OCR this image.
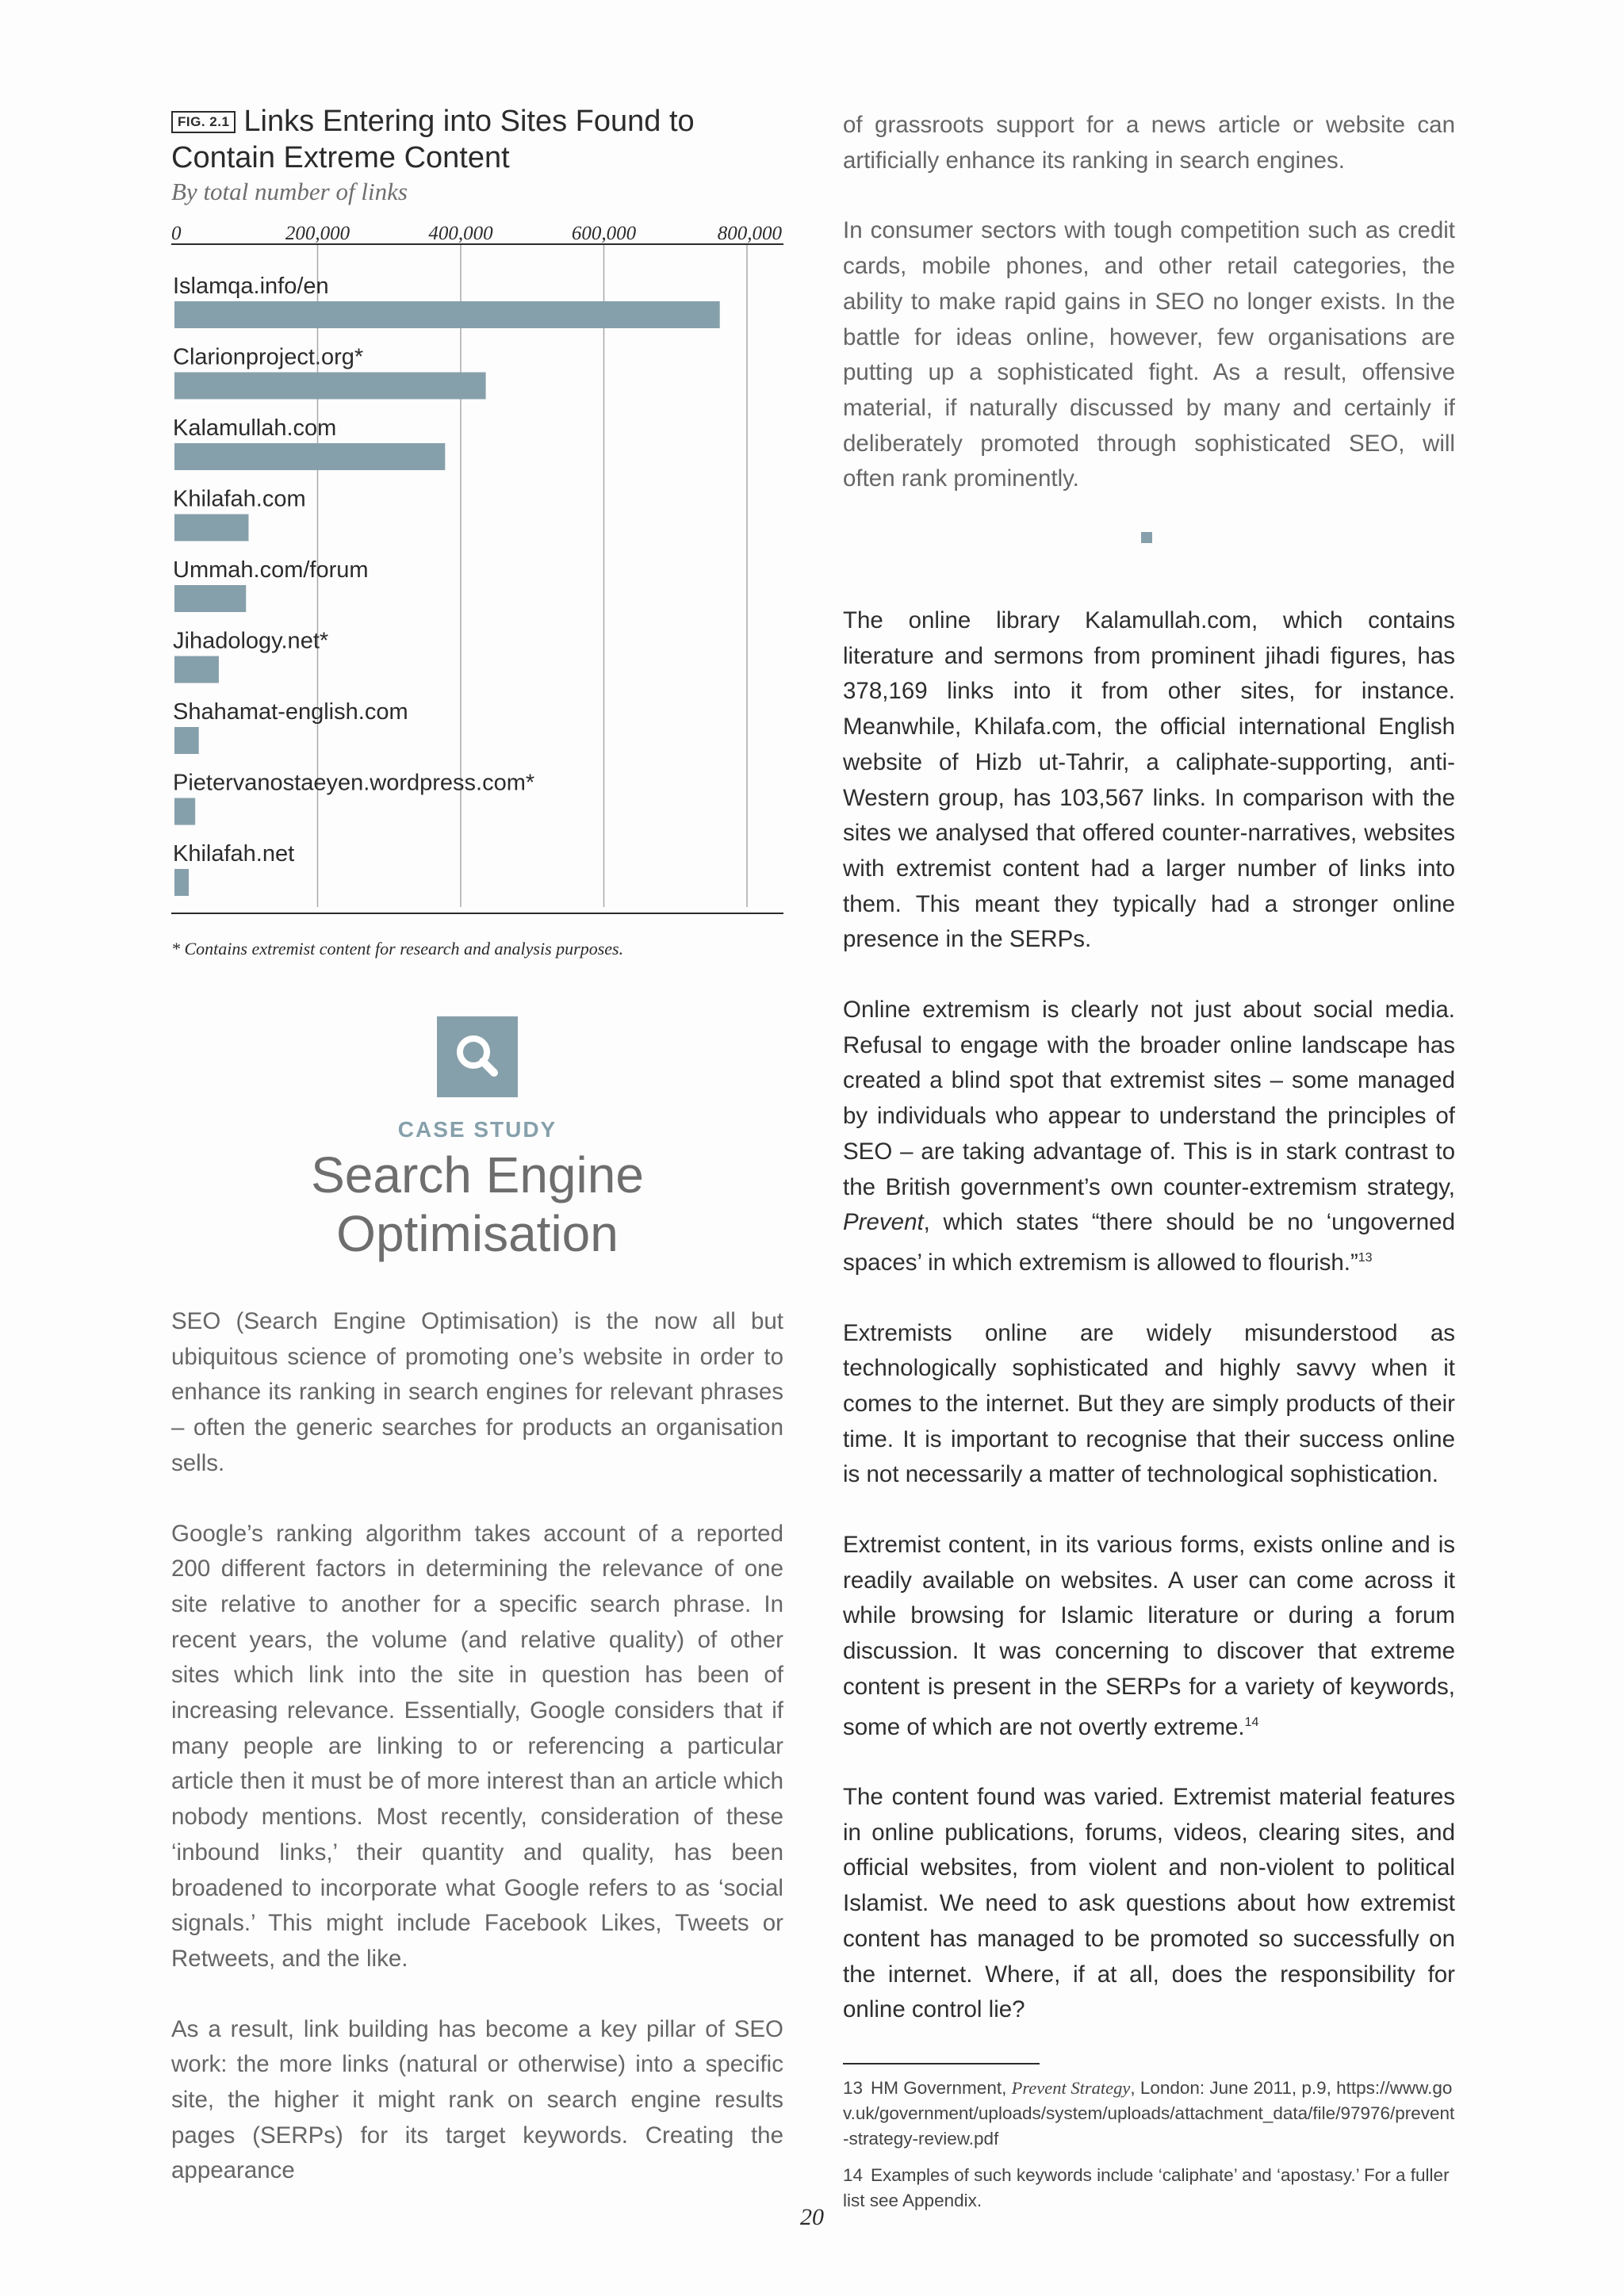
FIG. 2.1 Links Entering into Sites Found to Contain Extreme Content
By total number of links
0	200,000	400,000	600,000	800,000
Islamqa.info/en
Clarionproject.org*
Kalamullah.com
Khilafah.com
Ummah.com/forum
Jihadology.net*
Shahamat-english.com
Pietervanostaeyen.wordpress.com*
Khilafah.net
* Contains extremist content for research and analysis purposes.
CASE STUDY
Search Engine
Optimisation

SEO (Search Engine Optimisation) is the now all but ubiquitous science of promoting one’s website in order to enhance its ranking in search engines for relevant phrases – often the generic searches for products an organisation sells.

Google’s ranking algorithm takes account of a reported 200 different factors in determining the relevance of one site relative to another for a specific search phrase. In recent years, the volume (and relative quality) of other sites which link into the site in question has been of increasing relevance. Essentially, Google considers that if many people are linking to or referencing a particular article then it must be of more interest than an article which nobody mentions. Most recently, consideration of these ‘inbound links,’ their quantity and quality, has been broadened to incorporate what Google refers to as ‘social signals.’ This might include Facebook Likes, Tweets or Retweets, and the like.

As a result, link building has become a key pillar of SEO work: the more links (natural or otherwise) into a specific site, the higher it might rank on search engine results pages (SERPs) for its target keywords. Creating the appearance

of grassroots support for a news article or website can artificially enhance its ranking in search engines.

In consumer sectors with tough competition such as credit cards, mobile phones, and other retail categories, the ability to make rapid gains in SEO no longer exists. In the battle for ideas online, however, few organisations are putting up a sophisticated fight. As a result, offensive material, if naturally discussed by many and certainly if deliberately promoted through sophisticated SEO, will often rank prominently.

The online library Kalamullah.com, which contains literature and sermons from prominent jihadi figures, has 378,169 links into it from other sites, for instance. Meanwhile, Khilafa.com, the official international English website of Hizb ut-Tahrir, a caliphate-supporting, anti-Western group, has 103,567 links. In comparison with the sites we analysed that offered counter-narratives, websites with extremist content had a larger number of links into them. This meant they typically had a stronger online presence in the SERPs.

Online extremism is clearly not just about social media. Refusal to engage with the broader online landscape has created a blind spot that extremist sites – some managed by individuals who appear to understand the principles of SEO – are taking advantage of. This is in stark contrast to the British government’s own counter-extremism strategy, Prevent, which states “there should be no ‘ungoverned spaces’ in which extremism is allowed to flourish.”$^{13}$

Extremists online are widely misunderstood as technologically sophisticated and highly savvy when it comes to the internet. But they are simply products of their time. It is important to recognise that their success online is not necessarily a matter of technological sophistication.

Extremist content, in its various forms, exists online and is readily available on websites. A user can come across it while browsing for Islamic literature or during a forum discussion. It was concerning to discover that extreme content is present in the SERPs for a variety of keywords, some of which are not overtly extreme.$^{14}$

The content found was varied. Extremist material features in online publications, forums, videos, clearing sites, and official websites, from violent and non-violent to political Islamist. We need to ask questions about how extremist content has managed to be promoted so successfully on the internet. Where, if at all, does the responsibility for online control lie?

13 HM Government, Prevent Strategy, London: June 2011, p.9, https://www.gov.uk/government/uploads/system/uploads/attachment_data/file/97976/prevent-strategy-review.pdf
14 Examples of such keywords include ‘caliphate’ and ‘apostasy.’ For a fuller list see Appendix.
20
